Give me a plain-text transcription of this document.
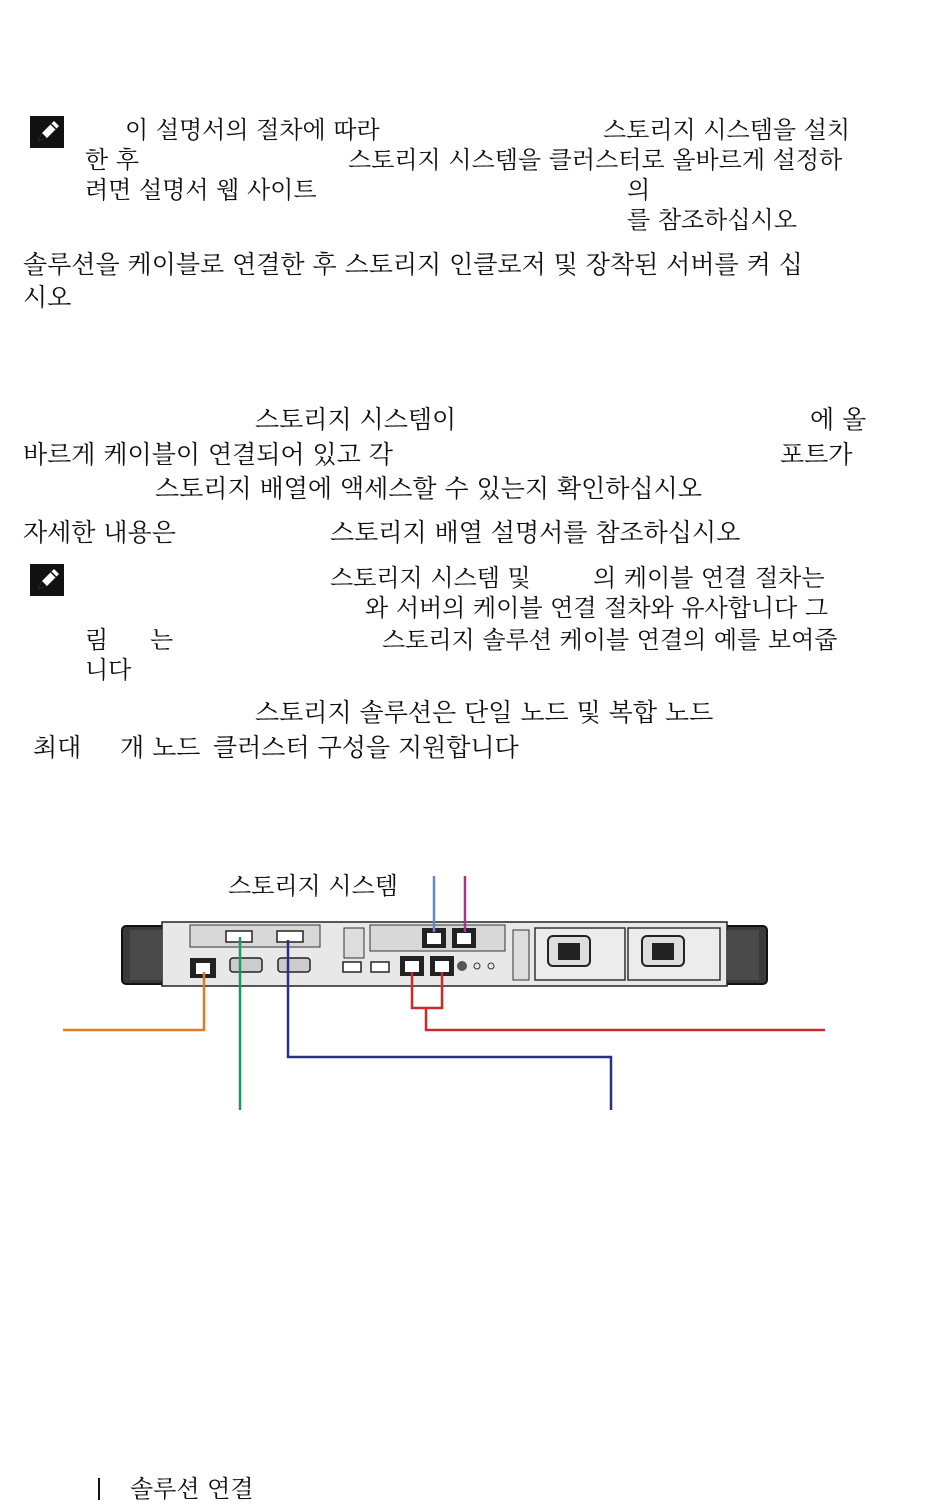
이 설명서의 절차에 따라	스토리지 시스템을 설치
한 후	스토리지 시스템을 클러스터로 올바르게 설정하
려면 설명서 웹 사이트	의
를 참조하십시오
솔루션을 케이블로 연결한 후 스토리지 인클로저 및 장착된 서버를 켜 십
시오
스토리지 시스템이	에 올
바르게 케이블이 연결되어 있고 각	포트가
스토리지 배열에 액세스할 수 있는지 확인하십시오
자세한 내용은	스토리지 배열 설명서를 참조하십시오
스토리지 시스템 및	의 케이블 연결 절차는
와 서버의 케이블 연결 절차와 유사합니다 그
림 는	스토리지 솔루션 케이블 연결의 예를 보여줍
니다
스토리지 솔루션은 단일 노드 및 복합 노드
최대 개 노드 클러스터 구성을 지원합니다
스토리지 시스템
솔루션 연결
